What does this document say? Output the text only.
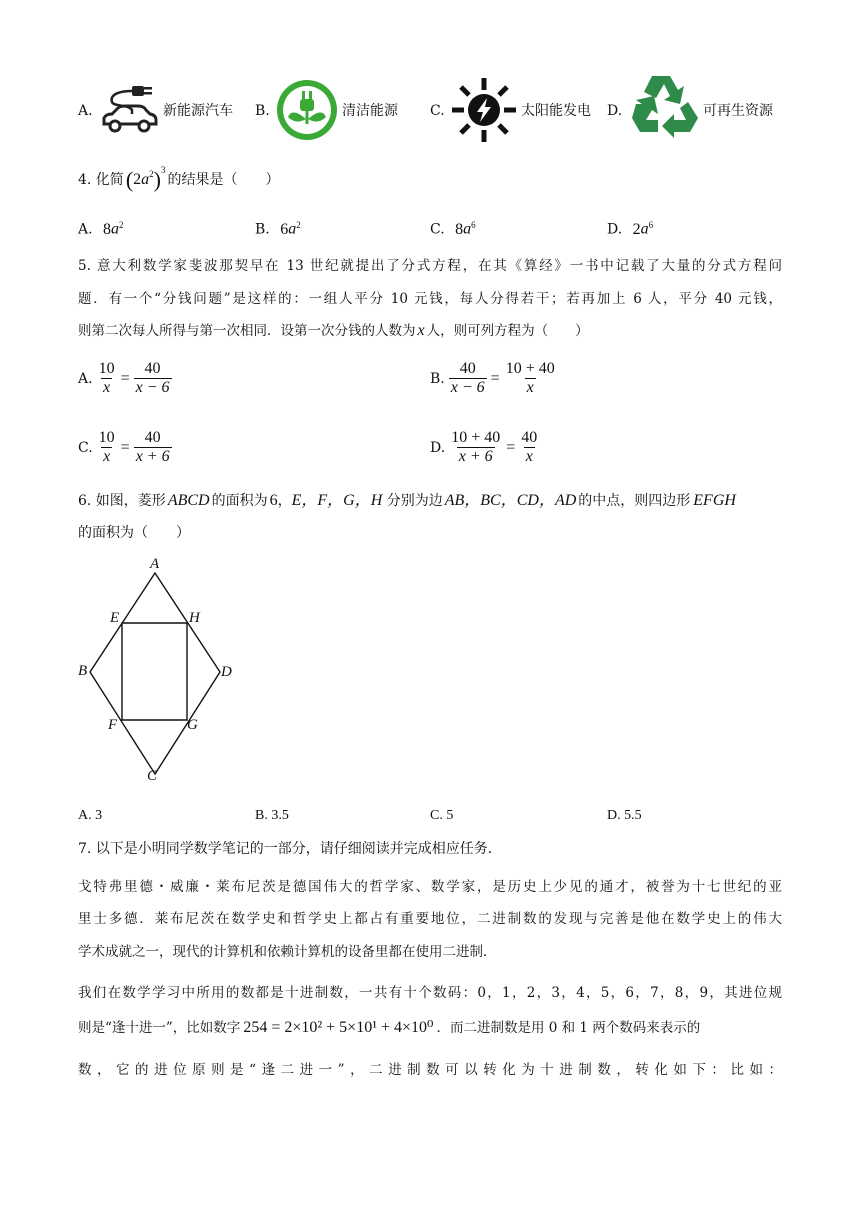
A.	新能源汽车 B.	清洁能源 C.	太阳能发电 D.	可再生资源
4. 化简 ( 2 $a^2$ )$^3$
的结果是（　　）
A. $8a^2$	B. $6a^2$	C. $8a^6$	D. $2a^6$
5. 意大利数学家斐波那契早在 13 世纪就提出了分式方程，在其《算经》一书中记载了大量的分式方程问
题．有一个“分钱问题”是这样的：一组人平分 10 元钱，每人分得若干；若再加上 6 人，平分 40 元钱，
则第二次每人所得与第一次相同．设第一次分钱的人数为 x 人，则可列方程为（　　）
A. $\frac{10}{x} = \frac{40}{x - 6}$	B. $\frac{40}{x - 6} = \frac{10 + 40}{x}$
C. $\frac{10}{x} = \frac{40}{x + 6}$	D. $\frac{10 + 40}{x + 6} = \frac{40}{x}$
6. 如图，菱形 ABCD 的面积为 6，E，F，G，H 分别为边 AB，BC，CD，AD 的中点，则四边形 EFGH
的面积为（　　）
A
B
C
D
E
F	G
H
A. 3	B. 3.5	C. 5	D. 5.5
7. 以下是小明同学数学笔记的一部分，请仔细阅读并完成相应任务．
戈特弗里德・威廉・莱布尼茨是德国伟大的哲学家、数学家，是历史上少见的通才，被誉为十七世纪的亚
里士多德．莱布尼茨在数学史和哲学史上都占有重要地位，二进制数的发现与完善是他在数学史上的伟大
学术成就之一，现代的计算机和依赖计算机的设备里都在使用二进制．
我们在数学学习中所用的数都是十进制数，一共有十个数码：0，1，2，3，4，5，6，7，8，9，其进位规
则是“逢十进一”，比如数字 254 = 2×10² + 5×10¹ + 4×10⁰ ．而二进制数是用 0 和 1 两个数码来表示的
数，它的进位原则是“逢二进一”，二进制数可以转化为十进制数，转化如下：比如：
